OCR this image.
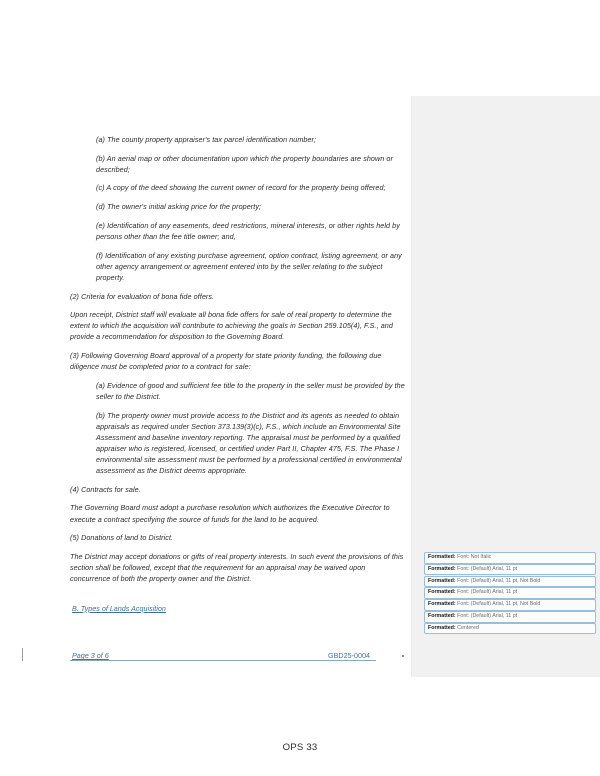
(a) The county property appraiser's tax parcel identification number;

(b) An aerial map or other documentation upon which the property boundaries are shown or described;

(c) A copy of the deed showing the current owner of record for the property being offered;

(d) The owner's initial asking price for the property;

(e) Identification of any easements, deed restrictions, mineral interests, or other rights held by persons other than the fee title owner; and,

(f) Identification of any existing purchase agreement, option contract, listing agreement, or any other agency arrangement or agreement entered into by the seller relating to the subject property.

(2) Criteria for evaluation of bona fide offers.

Upon receipt, District staff will evaluate all bona fide offers for sale of real property to determine the extent to which the acquisition will contribute to achieving the goals in Section 259.105(4), F.S., and provide a recommendation for disposition to the Governing Board.

(3) Following Governing Board approval of a property for state priority funding, the following due diligence must be completed prior to a contract for sale:

(a) Evidence of good and sufficient fee title to the property in the seller must be provided by the seller to the District.

(b) The property owner must provide access to the District and its agents as needed to obtain appraisals as required under Section 373.139(3)(c), F.S., which include an Environmental Site Assessment and baseline inventory reporting. The appraisal must be performed by a qualified appraiser who is registered, licensed, or certified under Part II, Chapter 475, F.S. The Phase I environmental site assessment must be performed by a professional certified in environmental assessment as the District deems appropriate.

(4) Contracts for sale.

The Governing Board must adopt a purchase resolution which authorizes the Executive Director to execute a contract specifying the source of funds for the land to be acquired.

(5) Donations of land to District.

The District may accept donations or gifts of real property interests. In such event the provisions of this section shall be followed, except that the requirement for an appraisal may be waived upon concurrence of both the property owner and the District.

B. Types of Lands Acquisition
Page 3 of 6	GBD25-0004
Formatted: Font: Not Italic
Formatted: Font: (Default) Arial, 11 pt
Formatted: Font: (Default) Arial, 11 pt, Not Bold
Formatted: Font: (Default) Arial, 11 pt
Formatted: Font: (Default) Arial, 11 pt, Not Bold
Formatted: Font: (Default) Arial, 11 pt
Formatted: Centered
OPS 33
